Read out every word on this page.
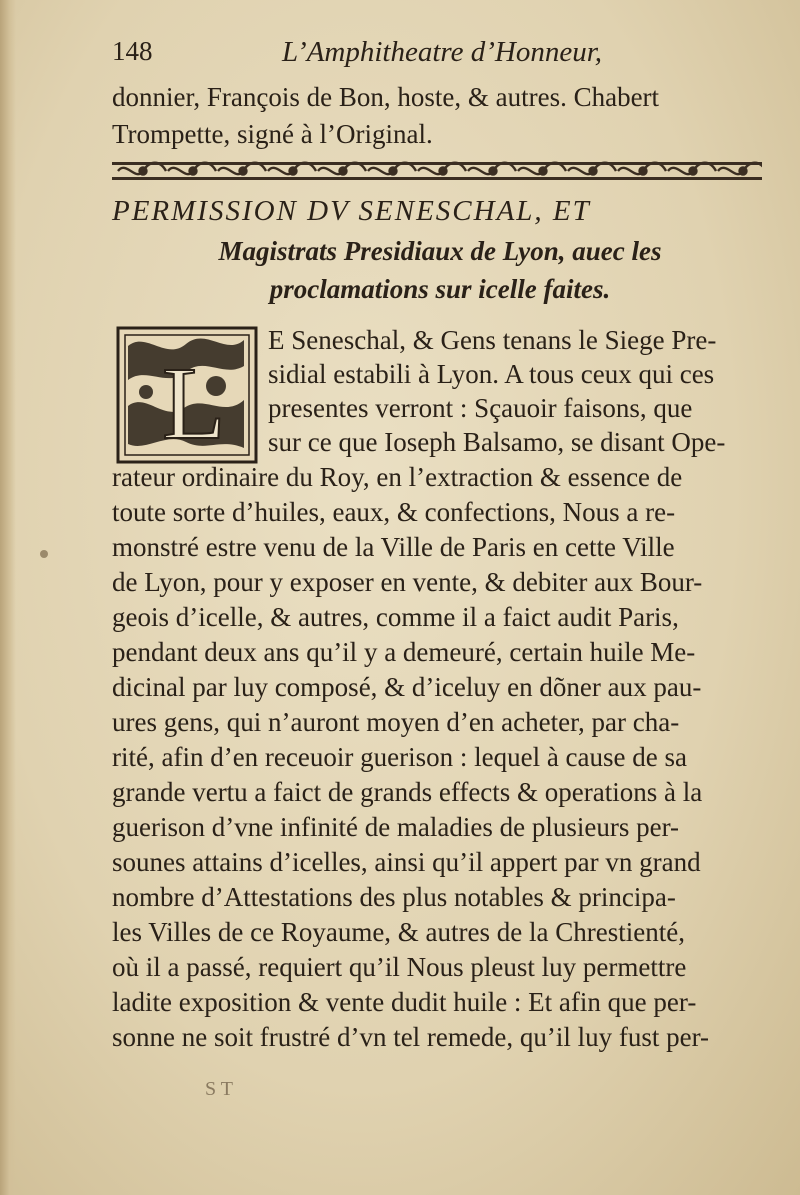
148	L’Amphitheatre d’Honneur,
donnier, François de Bon, hoste, & autres. Chabert
Trompette, signé à l’Original.
PERMISSION DV SENESCHAL, ET
Magistrats Presidiaux de Lyon, auec les
proclamations sur icelle faites.
L
E Seneschal, & Gens tenans le Siege Pre-
sidial estabili à Lyon. A tous ceux qui ces
presentes verront : Sçauoir faisons, que
sur ce que Ioseph Balsamo, se disant Ope-
rateur ordinaire du Roy, en l’extraction & essence de
toute sorte d’huiles, eaux, & confections, Nous a re-
monstré estre venu de la Ville de Paris en cette Ville
de Lyon, pour y exposer en vente, & debiter aux Bour-
geois d’icelle, & autres, comme il a faict audit Paris,
pendant deux ans qu’il y a demeuré, certain huile Me-
dicinal par luy composé, & d’iceluy en dõner aux pau-
ures gens, qui n’auront moyen d’en acheter, par cha-
rité, afin d’en receuoir guerison : lequel à cause de sa
grande vertu a faict de grands effects & operations à la
guerison d’vne infinité de maladies de plusieurs per-
sounes attains d’icelles, ainsi qu’il appert par vn grand
nombre d’Attestations des plus notables & principa-
les Villes de ce Royaume, & autres de la Chrestienté,
où il a passé, requiert qu’il Nous pleust luy permettre
ladite exposition & vente dudit huile : Et afin que per-
sonne ne soit frustré d’vn tel remede, qu’il luy fust per-
S T
